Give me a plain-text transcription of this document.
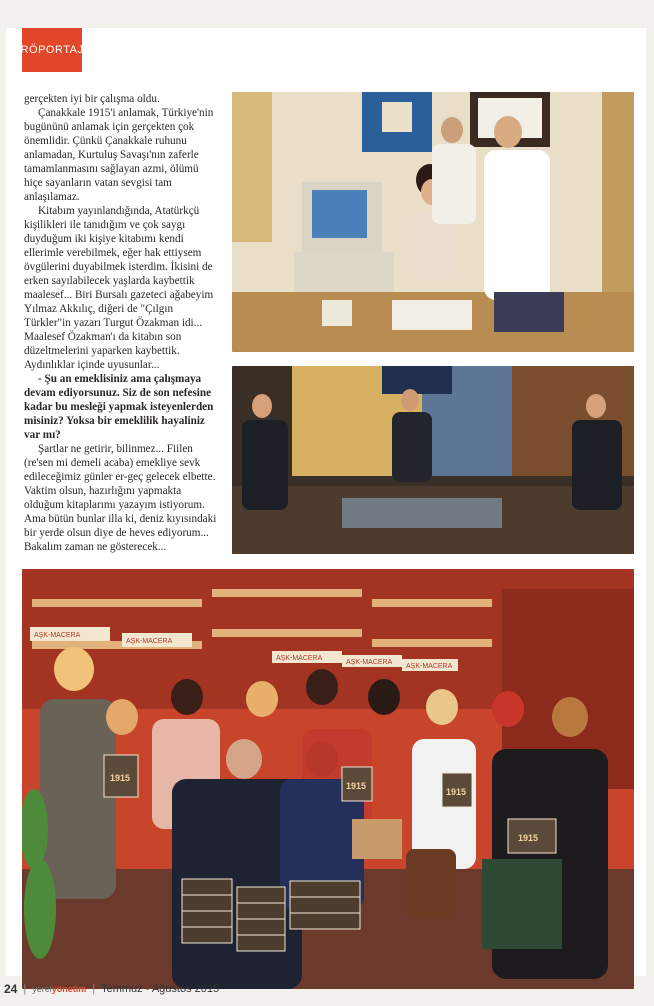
RÖPORTAJ

gerçekten iyi bir çalışma oldu.

Çanakkale 1915'i anlamak, Türkiye'nin bugününü anlamak için gerçekten çok önemlidir. Çünkü Çanakkale ruhunu anlamadan, Kurtuluş Savaşı'nın zaferle tamamlanmasını sağlayan azmi, ölümü hiçe sayanların vatan sevgisi tam anlaşılamaz.

Kitabım yayınlandığında, Atatürkçü kişilikleri ile tanıdığım ve çok saygı duyduğum iki kişiye kitabımı kendi ellerimle verebilmek, eğer hak ettiysem övgülerini duyabilmek isterdim. İkisini de erken sayılabilecek yaşlarda kaybettik maalesef... Biri Bursalı gazeteci ağabeyim Yılmaz Akkılıç, diğeri de "Çılgın Türkler"in yazarı Turgut Özakman idi... Maalesef Özakman'ı da kitabın son düzeltmelerini yaparken kaybettik. Aydınlıklar içinde uyusunlar...

- Şu an emeklisiniz ama çalışmaya devam ediyorsunuz. Siz de son nefesine kadar bu mesleği yapmak isteyenlerden misiniz? Yoksa bir emeklilik hayaliniz var mı?

Şartlar ne getirir, bilinmez... Fiilen (re'sen mi demeli acaba) emekliye sevk edileceğimiz günler er-geç gelecek elbette. Vaktim olsun, hazırlığını yapmakta olduğum kitaplarımı yazayım istiyorum. Ama bütün bunlar illa ki, deniz kıyısındaki bir yerde olsun diye de heves ediyorum... Bakalım zaman ne gösterecek...

AŞK-MACERA
AŞK-MACERA
AŞK-MACERA
AŞK-MACERA
AŞK-MACERA
1915
1915
1915
1915
24 | yerelyönetim | Temmuz - Ağustos 2015
